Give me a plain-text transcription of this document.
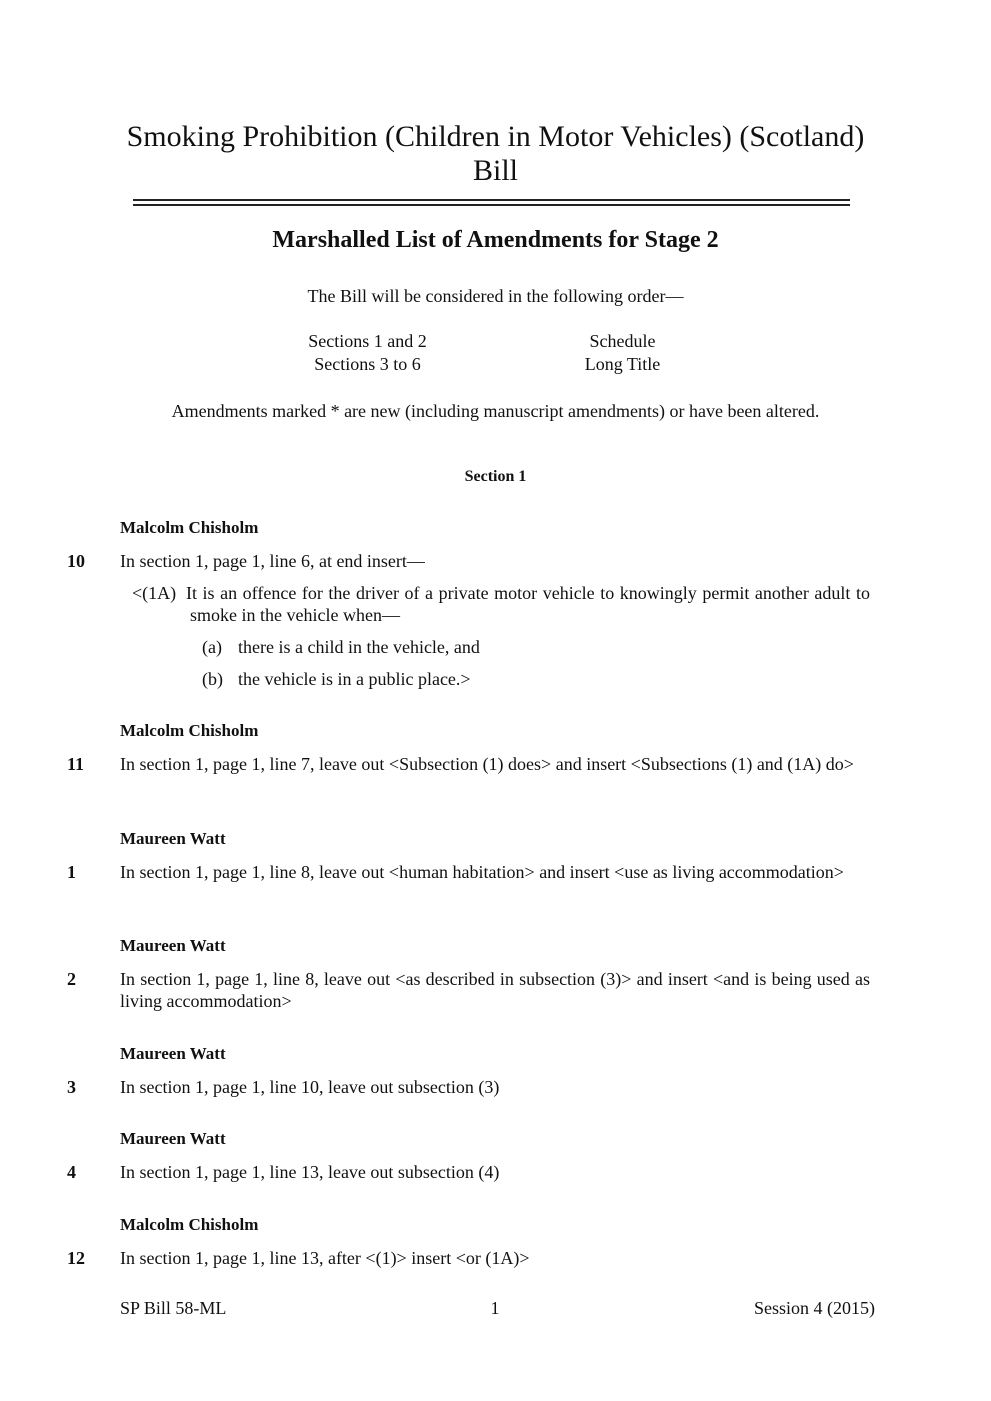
Smoking Prohibition (Children in Motor Vehicles) (Scotland)
Bill
Marshalled List of Amendments for Stage 2
The Bill will be considered in the following order—
Sections 1 and 2	Schedule
Sections 3 to 6	Long Title
Amendments marked * are new (including manuscript amendments) or have been altered.
Section 1
Malcolm Chisholm
10 In section 1, page 1, line 6, at end insert—
<(1A) It is an offence for the driver of a private motor vehicle to knowingly permit another adult to smoke in the vehicle when—
(a) there is a child in the vehicle, and
(b) the vehicle is in a public place.>
Malcolm Chisholm
11 In section 1, page 1, line 7, leave out <Subsection (1) does> and insert <Subsections (1) and (1A) do>
Maureen Watt
1 In section 1, page 1, line 8, leave out <human habitation> and insert <use as living accommodation>
Maureen Watt
2 In section 1, page 1, line 8, leave out <as described in subsection (3)> and insert <and is being used as living accommodation>
Maureen Watt
3 In section 1, page 1, line 10, leave out subsection (3)
Maureen Watt
4 In section 1, page 1, line 13, leave out subsection (4)
Malcolm Chisholm
12 In section 1, page 1, line 13, after <(1)> insert <or (1A)>
SP Bill 58-ML	1	Session 4 (2015)
